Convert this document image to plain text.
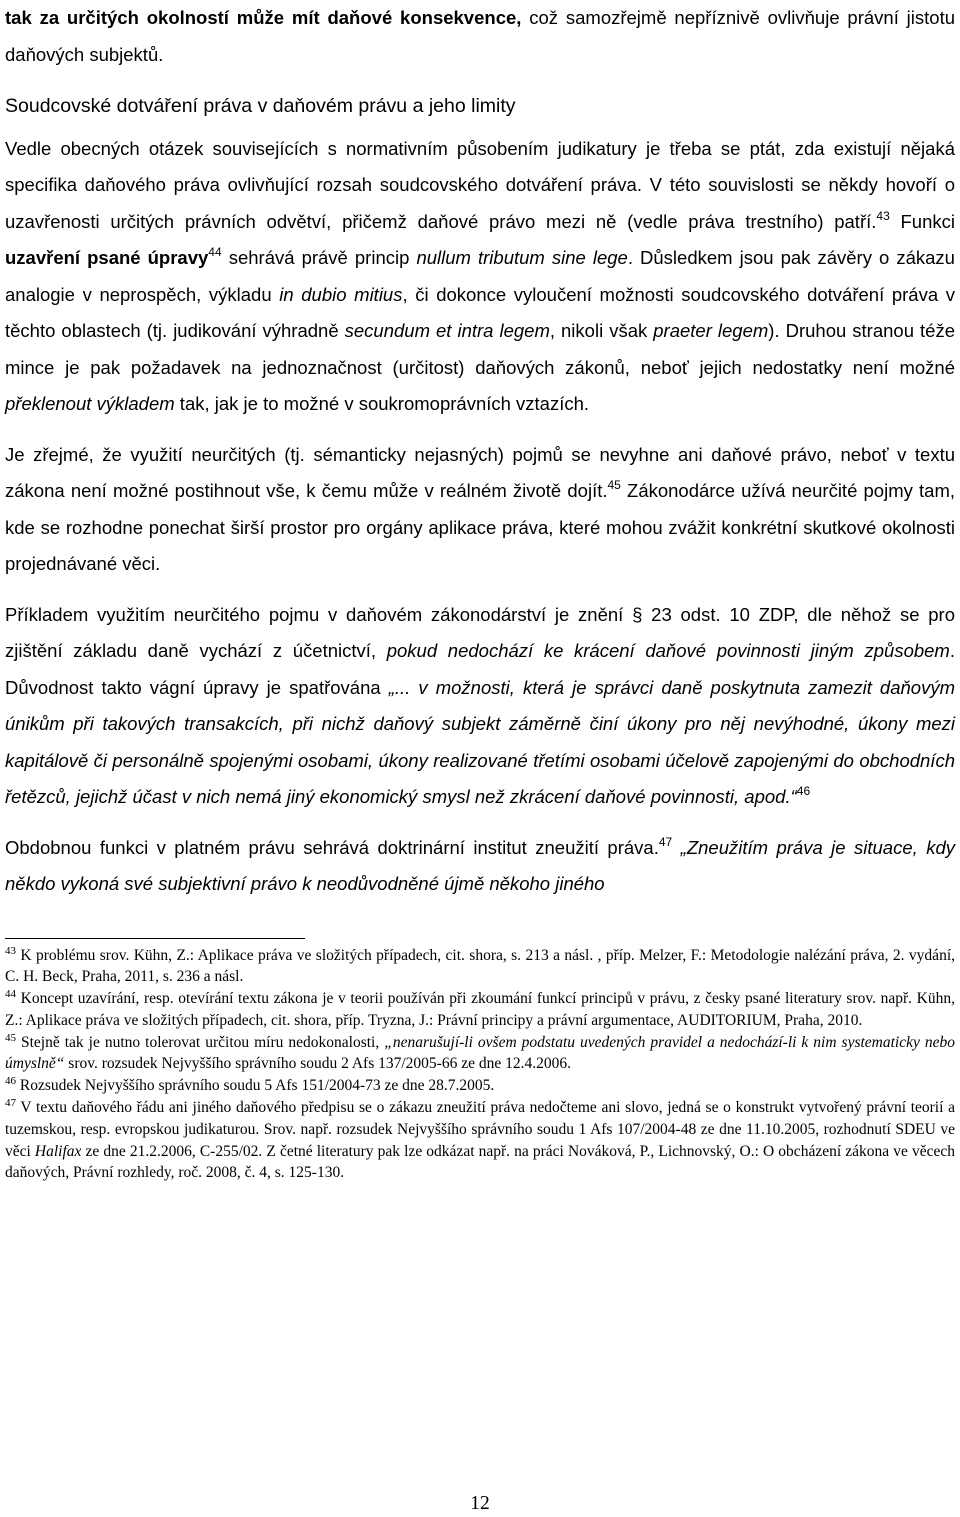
tak za určitých okolností může mít daňové konsekvence, což samozřejmě nepříznivě ovlivňuje právní jistotu daňových subjektů.

Soudcovské dotváření práva v daňovém právu a jeho limity

Vedle obecných otázek souvisejících s normativním působením judikatury je třeba se ptát, zda existují nějaká specifika daňového práva ovlivňující rozsah soudcovského dotváření práva. V této souvislosti se někdy hovoří o uzavřenosti určitých právních odvětví, přičemž daňové právo mezi ně (vedle práva trestního) patří.$^{43}$ Funkci uzavření psané úpravy$^{44}$ sehrává právě princip nullum tributum sine lege. Důsledkem jsou pak závěry o zákazu analogie v neprospěch, výkladu in dubio mitius, či dokonce vyloučení možnosti soudcovského dotváření práva v těchto oblastech (tj. judikování výhradně secundum et intra legem, nikoli však praeter legem). Druhou stranou téže mince je pak požadavek na jednoznačnost (určitost) daňových zákonů, neboť jejich nedostatky není možné překlenout výkladem tak, jak je to možné v soukromoprávních vztazích.

Je zřejmé, že využití neurčitých (tj. sémanticky nejasných) pojmů se nevyhne ani daňové právo, neboť v textu zákona není možné postihnout vše, k čemu může v reálném životě dojít.$^{45}$ Zákonodárce užívá neurčité pojmy tam, kde se rozhodne ponechat širší prostor pro orgány aplikace práva, které mohou zvážit konkrétní skutkové okolnosti projednávané věci.

Příkladem využitím neurčitého pojmu v daňovém zákonodárství je znění § 23 odst. 10 ZDP, dle něhož se pro zjištění základu daně vychází z účetnictví, pokud nedochází ke krácení daňové povinnosti jiným způsobem. Důvodnost takto vágní úpravy je spatřována „... v možnosti, která je správci daně poskytnuta zamezit daňovým únikům při takových transakcích, při nichž daňový subjekt záměrně činí úkony pro něj nevýhodné, úkony mezi kapitálově či personálně spojenými osobami, úkony realizované třetími osobami účelově zapojenými do obchodních řetězců, jejichž účast v nich nemá jiný ekonomický smysl než zkrácení daňové povinnosti, apod.“$^{46}$

Obdobnou funkci v platném právu sehrává doktrinární institut zneužití práva.$^{47}$ „Zneužitím práva je situace, kdy někdo vykoná své subjektivní právo k neodůvodněné újmě někoho jiného

$^{43}$ K problému srov. Kühn, Z.: Aplikace práva ve složitých případech, cit. shora, s. 213 a násl. , příp. Melzer, F.: Metodologie nalézání práva, 2. vydání, C. H. Beck, Praha, 2011, s. 236 a násl.

$^{44}$ Koncept uzavírání, resp. otevírání textu zákona je v teorii používán při zkoumání funkcí principů v právu, z česky psané literatury srov. např. Kühn, Z.: Aplikace práva ve složitých případech, cit. shora, příp. Tryzna, J.: Právní principy a právní argumentace, AUDITORIUM, Praha, 2010.

$^{45}$ Stejně tak je nutno tolerovat určitou míru nedokonalosti, „nenarušují-li ovšem podstatu uvedených pravidel a nedochází-li k nim systematicky nebo úmyslně“ srov. rozsudek Nejvyššího správního soudu 2 Afs 137/2005-66 ze dne 12.4.2006.

$^{46}$ Rozsudek Nejvyššího správního soudu 5 Afs 151/2004-73 ze dne 28.7.2005.

$^{47}$ V textu daňového řádu ani jiného daňového předpisu se o zákazu zneužití práva nedočteme ani slovo, jedná se o konstrukt vytvořený právní teorií a tuzemskou, resp. evropskou judikaturou. Srov. např. rozsudek Nejvyššího správního soudu 1 Afs 107/2004-48 ze dne 11.10.2005, rozhodnutí SDEU ve věci Halifax ze dne 21.2.2006, C-255/02. Z četné literatury pak lze odkázat např. na práci Nováková, P., Lichnovský, O.: O obcházení zákona ve věcech daňových, Právní rozhledy, roč. 2008, č. 4, s. 125-130.

12
